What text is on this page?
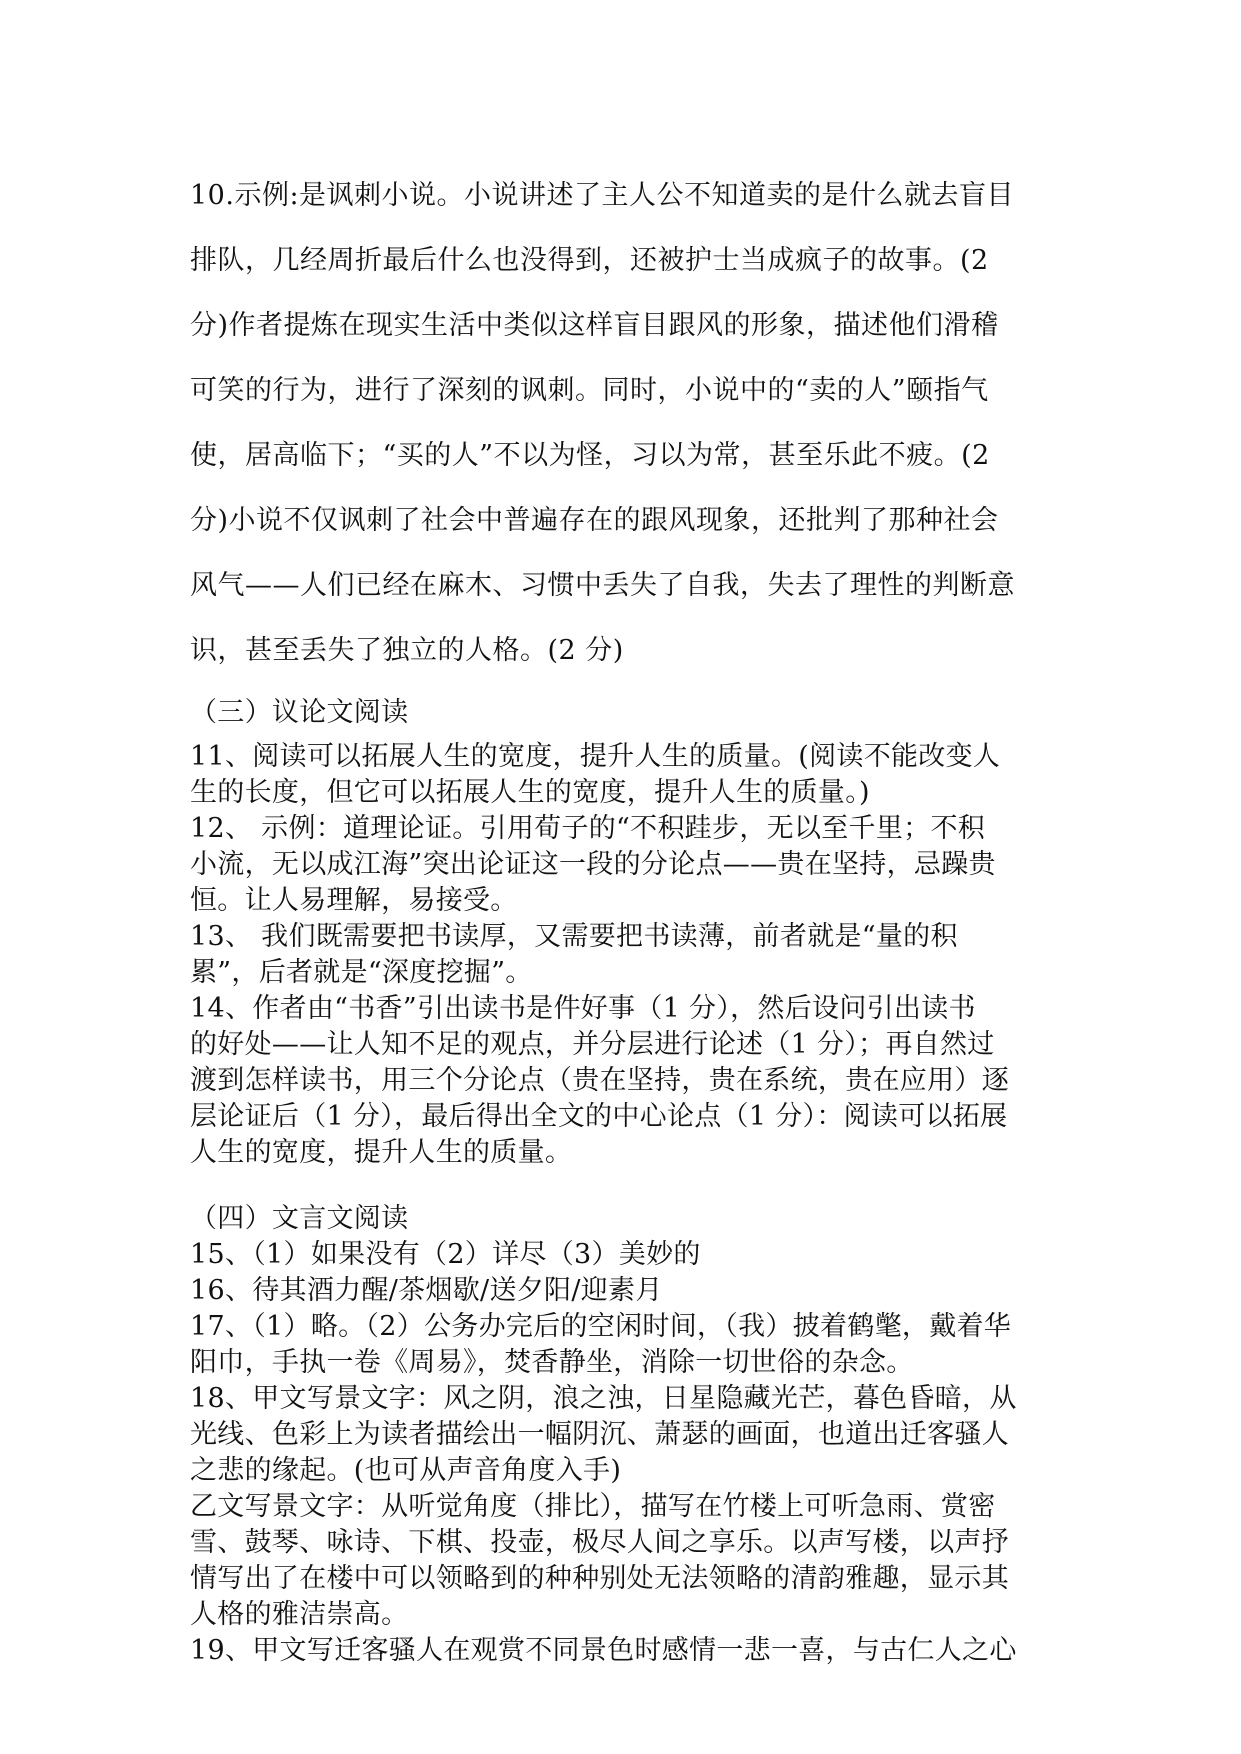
10.示例:是讽刺小说。小说讲述了主人公不知道卖的是什么就去盲目
排队，几经周折最后什么也没得到，还被护士当成疯子的故事。(2
分)作者提炼在现实生活中类似这样盲目跟风的形象，描述他们滑稽
可笑的行为，进行了深刻的讽刺。同时，小说中的“卖的人”颐指气
使，居高临下；“买的人”不以为怪，习以为常，甚至乐此不疲。(2
分)小说不仅讽刺了社会中普遍存在的跟风现象，还批判了那种社会
风气——人们已经在麻木、习惯中丢失了自我，失去了理性的判断意
识，甚至丢失了独立的人格。(2 分)
（三）议论文阅读
11、阅读可以拓展人生的宽度，提升人生的质量。(阅读不能改变人
生的长度，但它可以拓展人生的宽度，提升人生的质量。)
12、 示例：道理论证。引用荀子的“不积跬步，无以至千里；不积
小流，无以成江海”突出论证这一段的分论点——贵在坚持，忌躁贵
恒。让人易理解，易接受。
13、 我们既需要把书读厚，又需要把书读薄，前者就是“量的积
累”，后者就是“深度挖掘”。
14、作者由“书香”引出读书是件好事（1 分），然后设问引出读书
的好处——让人知不足的观点，并分层进行论述（1 分）；再自然过
渡到怎样读书，用三个分论点（贵在坚持，贵在系统，贵在应用）逐
层论证后（1 分），最后得出全文的中心论点（1 分）：阅读可以拓展
人生的宽度，提升人生的质量。
（四）文言文阅读
15、（1）如果没有（2）详尽（3）美妙的
16、待其酒力醒/茶烟歇/送夕阳/迎素月
17、（1）略。（2）公务办完后的空闲时间，（我）披着鹤氅，戴着华
阳巾，手执一卷《周易》，焚香静坐，消除一切世俗的杂念。
18、甲文写景文字：风之阴，浪之浊，日星隐藏光芒，暮色昏暗，从
光线、色彩上为读者描绘出一幅阴沉、萧瑟的画面，也道出迁客骚人
之悲的缘起。(也可从声音角度入手)
乙文写景文字：从听觉角度（排比），描写在竹楼上可听急雨、赏密
雪、鼓琴、咏诗、下棋、投壶，极尽人间之享乐。以声写楼，以声抒
情写出了在楼中可以领略到的种种别处无法领略的清韵雅趣，显示其
人格的雅洁崇高。
19、甲文写迁客骚人在观赏不同景色时感情一悲一喜，与古仁人之心
